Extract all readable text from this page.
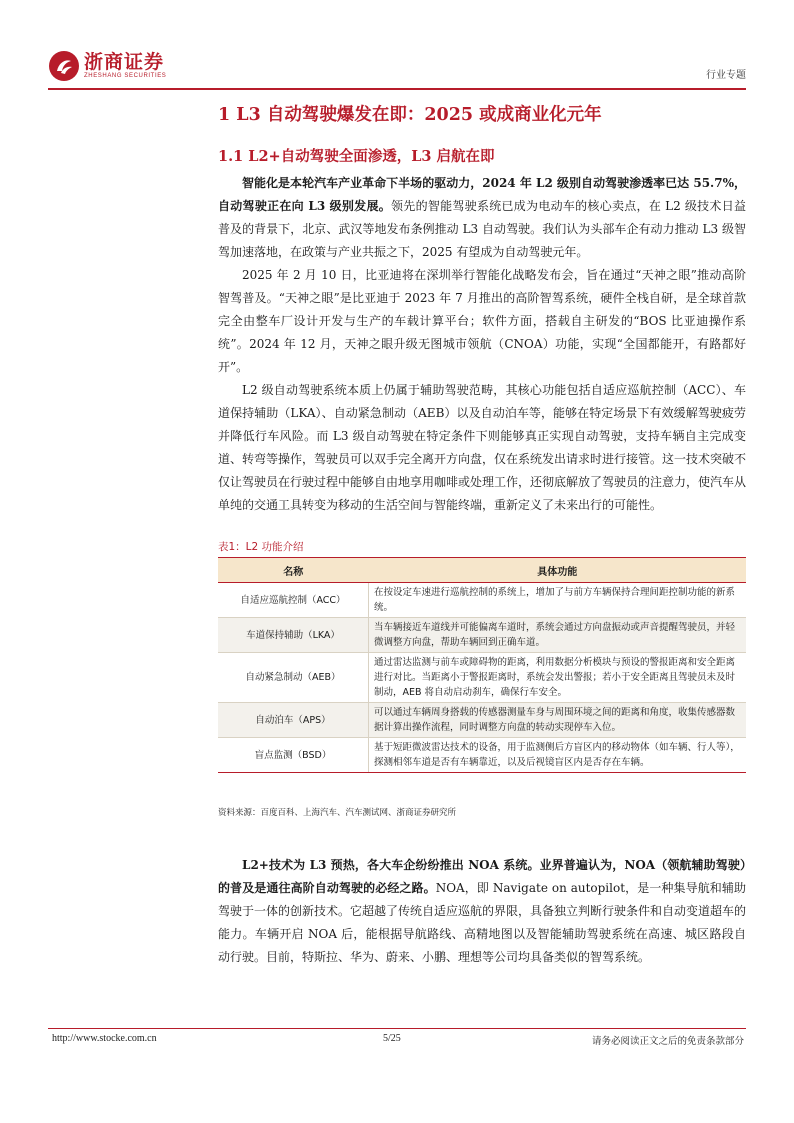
浙商证券
ZHESHANG SECURITIES	行业专题
1 L3 自动驾驶爆发在即：2025 或成商业化元年
1.1 L2+自动驾驶全面渗透，L3 启航在即

智能化是本轮汽车产业革命下半场的驱动力，2024 年 L2 级别自动驾驶渗透率已达 55.7%，自动驾驶正在向 L3 级别发展。领先的智能驾驶系统已成为电动车的核心卖点，在 L2 级技术日益普及的背景下，北京、武汉等地发布条例推动 L3 自动驾驶。我们认为头部车企有动力推动 L3 级智驾加速落地，在政策与产业共振之下，2025 有望成为自动驾驶元年。

2025 年 2 月 10 日，比亚迪将在深圳举行智能化战略发布会，旨在通过“天神之眼”推动高阶智驾普及。“天神之眼”是比亚迪于 2023 年 7 月推出的高阶智驾系统，硬件全栈自研，是全球首款完全由整车厂设计开发与生产的车载计算平台；软件方面，搭载自主研发的“BOS 比亚迪操作系统”。2024 年 12 月，天神之眼升级无图城市领航（CNOA）功能，实现“全国都能开，有路都好开”。

L2 级自动驾驶系统本质上仍属于辅助驾驶范畴，其核心功能包括自适应巡航控制（ACC）、车道保持辅助（LKA）、自动紧急制动（AEB）以及自动泊车等，能够在特定场景下有效缓解驾驶疲劳并降低行车风险。而 L3 级自动驾驶在特定条件下则能够真正实现自动驾驶，支持车辆自主完成变道、转弯等操作，驾驶员可以双手完全离开方向盘，仅在系统发出请求时进行接管。这一技术突破不仅让驾驶员在行驶过程中能够自由地享用咖啡或处理工作，还彻底解放了驾驶员的注意力，使汽车从单纯的交通工具转变为移动的生活空间与智能终端，重新定义了未来出行的可能性。

表1：L2 功能介绍
名称	具体功能
自适应巡航控制（ACC）	在按设定车速进行巡航控制的系统上，增加了与前方车辆保持合理间距控制功能的新系统。
车道保持辅助（LKA）	当车辆接近车道线并可能偏离车道时，系统会通过方向盘振动或声音提醒驾驶员，并轻微调整方向盘，帮助车辆回到正确车道。
自动紧急制动（AEB）	通过雷达监测与前车或障碍物的距离，利用数据分析模块与预设的警报距离和安全距离进行对比。当距离小于警报距离时，系统会发出警报；若小于安全距离且驾驶员未及时制动，AEB 将自动启动刹车，确保行车安全。
自动泊车（APS）	可以通过车辆周身搭载的传感器测量车身与周围环境之间的距离和角度，收集传感器数据计算出操作流程，同时调整方向盘的转动实现停车入位。
盲点监测（BSD）	基于短距微波雷达技术的设备，用于监测侧后方盲区内的移动物体（如车辆、行人等），探测相邻车道是否有车辆靠近，以及后视镜盲区内是否存在车辆。
资料来源：百度百科、上海汽车、汽车测试网、浙商证券研究所

L2+技术为 L3 预热，各大车企纷纷推出 NOA 系统。业界普遍认为，NOA（领航辅助驾驶）的普及是通往高阶自动驾驶的必经之路。NOA，即 Navigate on autopilot，是一种集导航和辅助驾驶于一体的创新技术。它超越了传统自适应巡航的界限，具备独立判断行驶条件和自动变道超车的能力。车辆开启 NOA 后，能根据导航路线、高精地图以及智能辅助驾驶系统在高速、城区路段自动行驶。目前，特斯拉、华为、蔚来、小鹏、理想等公司均具备类似的智驾系统。

http://www.stocke.com.cn	5/25	请务必阅读正文之后的免责条款部分
